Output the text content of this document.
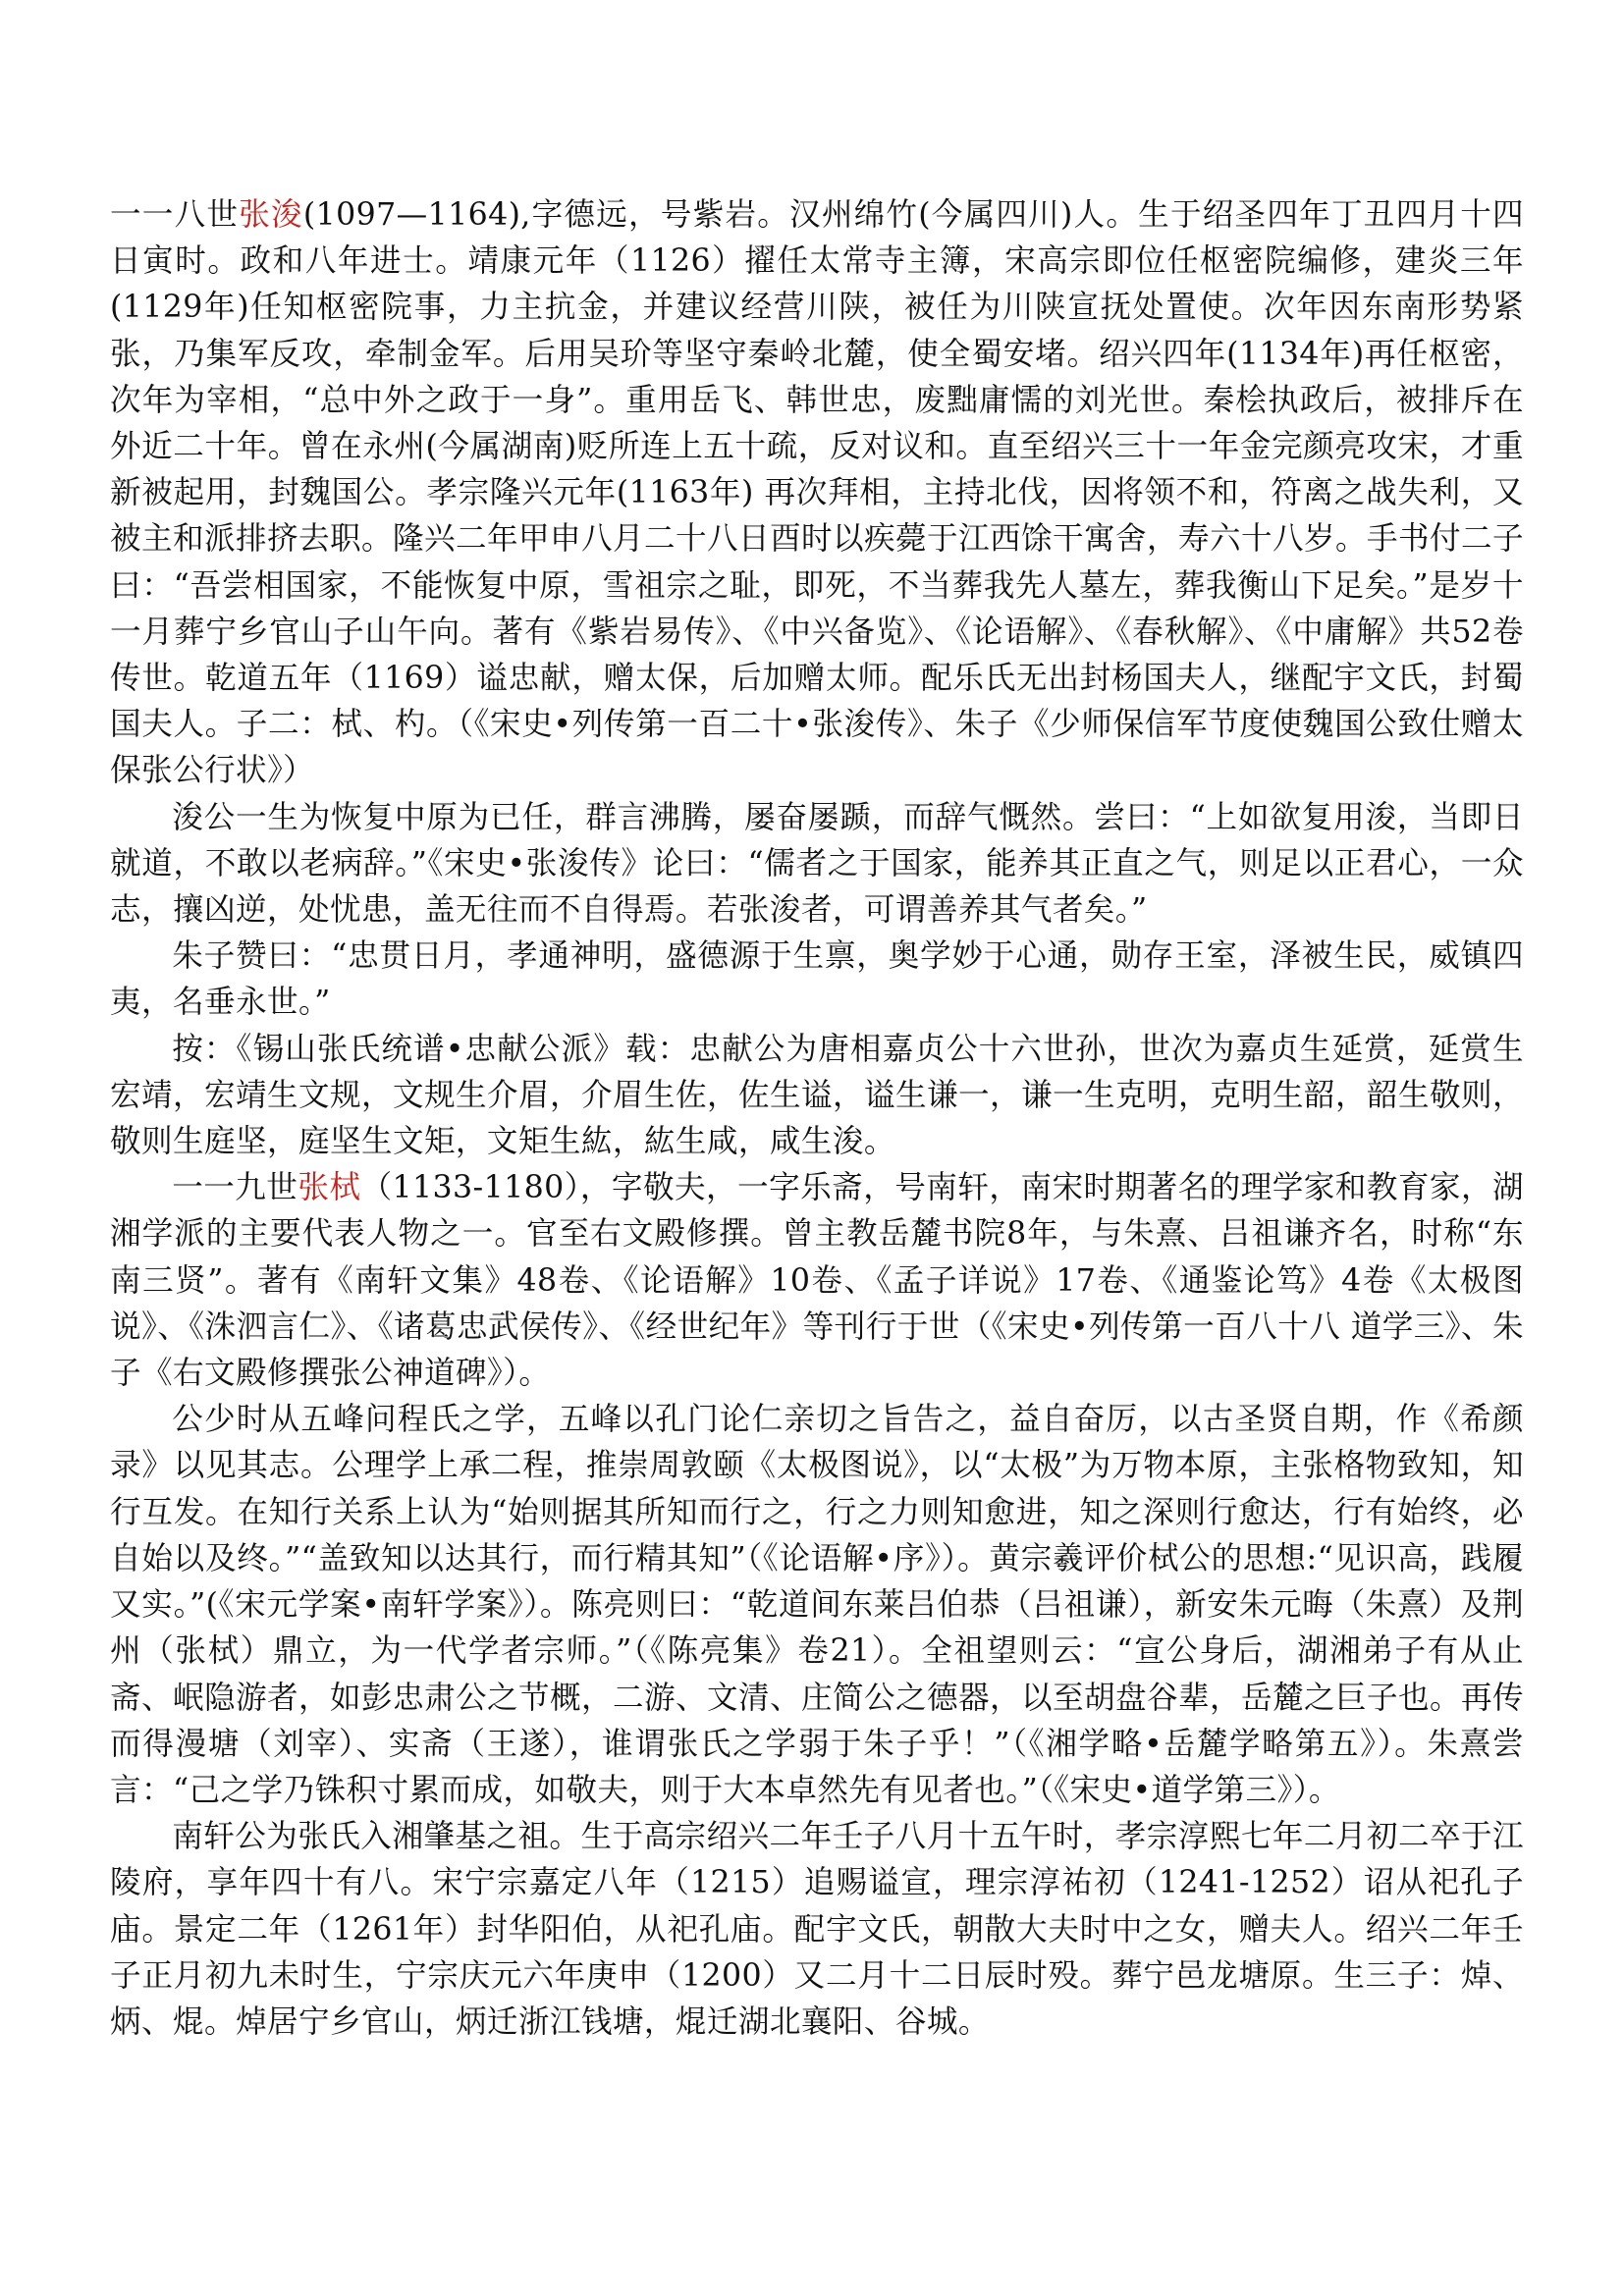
一一八世张浚(1097—1164),字德远，号紫岩。汉州绵竹(今属四川)人。生于绍圣四年丁丑四月十四日寅时。政和八年进士。靖康元年（1126）擢任太常寺主簿，宋高宗即位任枢密院编修，建炎三年(1129年)任知枢密院事，力主抗金，并建议经营川陕，被任为川陕宣抚处置使。次年因东南形势紧张，乃集军反攻，牵制金军。后用吴玠等坚守秦岭北麓，使全蜀安堵。绍兴四年(1134年)再任枢密，次年为宰相，“总中外之政于一身”。重用岳飞、韩世忠，废黜庸懦的刘光世。秦桧执政后，被排斥在外近二十年。曾在永州(今属湖南)贬所连上五十疏，反对议和。直至绍兴三十一年金完颜亮攻宋，才重新被起用，封魏国公。孝宗隆兴元年(1163年) 再次拜相，主持北伐，因将领不和，符离之战失利，又被主和派排挤去职。隆兴二年甲申八月二十八日酉时以疾薨于江西馀干寓舍，寿六十八岁。手书付二子曰：“吾尝相国家，不能恢复中原，雪祖宗之耻，即死，不当葬我先人墓左，葬我衡山下足矣。”是岁十一月葬宁乡官山子山午向。著有《紫岩易传》、《中兴备览》、《论语解》、《春秋解》、《中庸解》共52卷传世。乾道五年（1169）谥忠献，赠太保，后加赠太师。配乐氏无出封杨国夫人，继配宇文氏，封蜀国夫人。子二：栻、杓。（《宋史•列传第一百二十•张浚传》、朱子《少师保信军节度使魏国公致仕赠太保张公行状》）

浚公一生为恢复中原为已任，群言沸腾，屡奋屡踬，而辞气慨然。尝曰：“上如欲复用浚，当即日就道，不敢以老病辞。”《宋史•张浚传》论曰：“儒者之于国家，能养其正直之气，则足以正君心，一众志，攘凶逆，处忧患，盖无往而不自得焉。若张浚者，可谓善养其气者矣。”

朱子赞曰：“忠贯日月，孝通神明，盛德源于生禀，奥学妙于心通，勋存王室，泽被生民，威镇四夷，名垂永世。”

按：《锡山张氏统谱•忠献公派》载：忠献公为唐相嘉贞公十六世孙，世次为嘉贞生延赏，延赏生宏靖，宏靖生文规，文规生介眉，介眉生佐，佐生谥，谥生谦一，谦一生克明，克明生韶，韶生敬则，敬则生庭坚，庭坚生文矩，文矩生紘，紘生咸，咸生浚。

一一九世张栻（1133-1180），字敬夫，一字乐斋，号南轩，南宋时期著名的理学家和教育家，湖湘学派的主要代表人物之一。官至右文殿修撰。曾主教岳麓书院8年，与朱熹、吕祖谦齐名，时称“东南三贤”。著有《南轩文集》48卷、《论语解》10卷、《孟子详说》17卷、《通鉴论笃》4卷《太极图说》、《洙泗言仁》、《诸葛忠武侯传》、《经世纪年》等刊行于世（《宋史•列传第一百八十八 道学三》、朱子《右文殿修撰张公神道碑》）。

公少时从五峰问程氏之学，五峰以孔门论仁亲切之旨告之，益自奋厉，以古圣贤自期，作《希颜录》以见其志。公理学上承二程，推崇周敦颐《太极图说》，以“太极”为万物本原，主张格物致知，知行互发。在知行关系上认为“始则据其所知而行之，行之力则知愈进，知之深则行愈达，行有始终，必自始以及终。”“盖致知以达其行，而行精其知”（《论语解•序》）。黄宗羲评价栻公的思想:“见识高，践履又实。”(《宋元学案•南轩学案》）。陈亮则曰：“乾道间东莱吕伯恭（吕祖谦），新安朱元晦（朱熹）及荆州（张栻）鼎立，为一代学者宗师。”（《陈亮集》卷21）。全祖望则云：“宣公身后，湖湘弟子有从止斋、岷隐游者，如彭忠肃公之节概，二游、文清、庄简公之德器，以至胡盘谷辈，岳麓之巨子也。再传而得漫塘（刘宰）、实斋（王遂），谁谓张氏之学弱于朱子乎！”（《湘学略•岳麓学略第五》）。朱熹尝言：“己之学乃铢积寸累而成，如敬夫，则于大本卓然先有见者也。”（《宋史•道学第三》）。

南轩公为张氏入湘肇基之祖。生于高宗绍兴二年壬子八月十五午时，孝宗淳熙七年二月初二卒于江陵府，享年四十有八。宋宁宗嘉定八年（1215）追赐谥宣，理宗淳祐初（1241-1252）诏从祀孔子庙。景定二年（1261年）封华阳伯，从祀孔庙。配宇文氏，朝散大夫时中之女，赠夫人。绍兴二年壬子正月初九未时生，宁宗庆元六年庚申（1200）又二月十二日辰时殁。葬宁邑龙塘原。生三子：焯、炳、焜。焯居宁乡官山，炳迁浙江钱塘，焜迁湖北襄阳、谷城。
